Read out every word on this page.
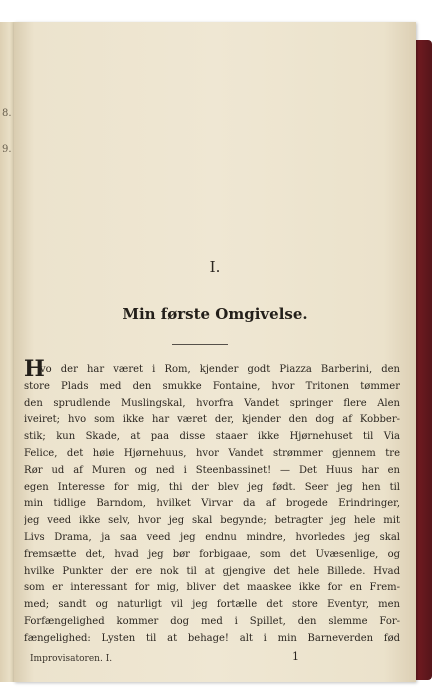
8.
9.
I.
Min første Omgivelse.
H
vo der har været i Rom, kjender godt Piazza Barberini, den
store Plads med den smukke Fontaine, hvor Tritonen tømmer
den sprudlende Muslingskal, hvorfra Vandet springer flere Alen
iveiret; hvo som ikke har været der, kjender den dog af Kobber-
stik; kun Skade, at paa disse staaer ikke Hjørnehuset til Via
Felice, det høie Hjørnehuus, hvor Vandet strømmer gjennem tre
Rør ud af Muren og ned i Steenbassinet! — Det Huus har en
egen Interesse for mig, thi der blev jeg født. Seer jeg hen til
min tidlige Barndom, hvilket Virvar da af brogede Erindringer,
jeg veed ikke selv, hvor jeg skal begynde; betragter jeg hele mit
Livs Drama, ja saa veed jeg endnu mindre, hvorledes jeg skal
fremsætte det, hvad jeg bør forbigaae, som det Uvæsenlige, og
hvilke Punkter der ere nok til at gjengive det hele Billede. Hvad
som er interessant for mig, bliver det maaskee ikke for en Frem-
med; sandt og naturligt vil jeg fortælle det store Eventyr, men
Forfængelighed kommer dog med i Spillet, den slemme For-
fængelighed: Lysten til at behage! alt i min Barneverden fød
Improvisatoren. I.	1
